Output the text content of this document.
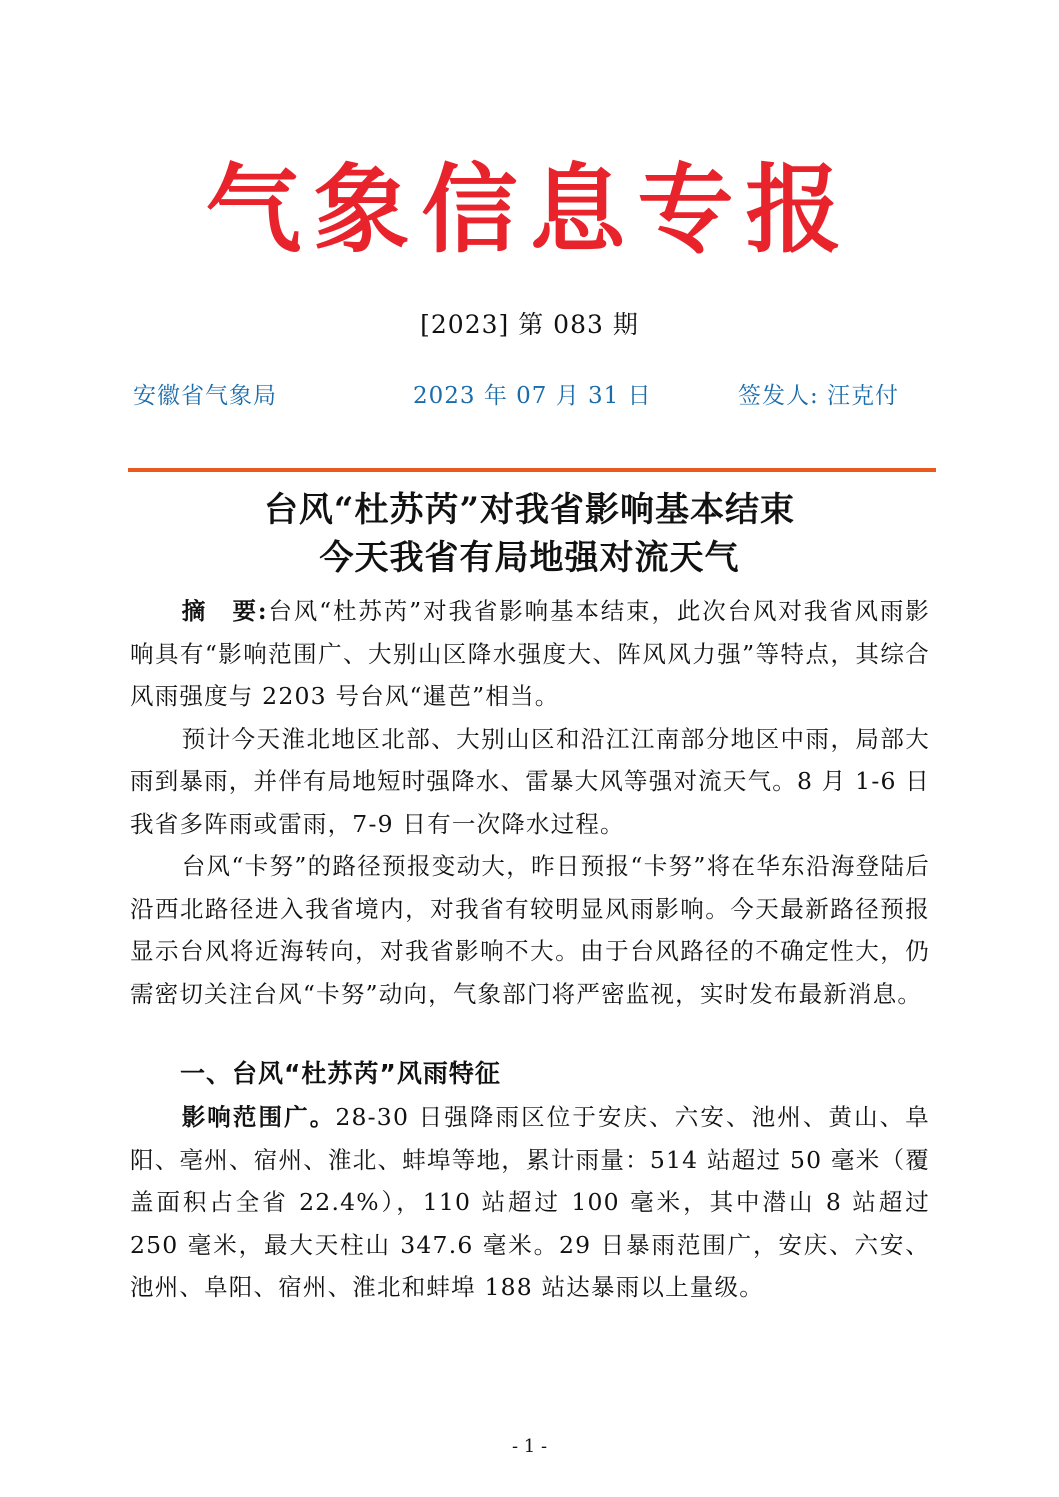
气象信息专报
[2023] 第 083 期
安徽省气象局	2023 年 07 月 31 日	签发人: 汪克付
台风“杜苏芮”对我省影响基本结束
今天我省有局地强对流天气

摘　要:台风“杜苏芮”对我省影响基本结束，此次台风对我省风雨影响具有“影响范围广、大别山区降水强度大、阵风风力强”等特点，其综合风雨强度与 2203 号台风“暹芭”相当。

预计今天淮北地区北部、大别山区和沿江江南部分地区中雨，局部大雨到暴雨，并伴有局地短时强降水、雷暴大风等强对流天气。8 月 1-6 日我省多阵雨或雷雨，7-9 日有一次降水过程。

台风“卡努”的路径预报变动大，昨日预报“卡努”将在华东沿海登陆后沿西北路径进入我省境内，对我省有较明显风雨影响。今天最新路径预报显示台风将近海转向，对我省影响不大。由于台风路径的不确定性大，仍需密切关注台风“卡努”动向，气象部门将严密监视，实时发布最新消息。

一、台风“杜苏芮”风雨特征

影响范围广。28-30 日强降雨区位于安庆、六安、池州、黄山、阜阳、亳州、宿州、淮北、蚌埠等地，累计雨量：514 站超过 50 毫米（覆盖面积占全省 22.4%），110 站超过 100 毫米，其中潜山 8 站超过 250 毫米，最大天柱山 347.6 毫米。29 日暴雨范围广，安庆、六安、池州、阜阳、宿州、淮北和蚌埠 188 站达暴雨以上量级。

- 1 -
